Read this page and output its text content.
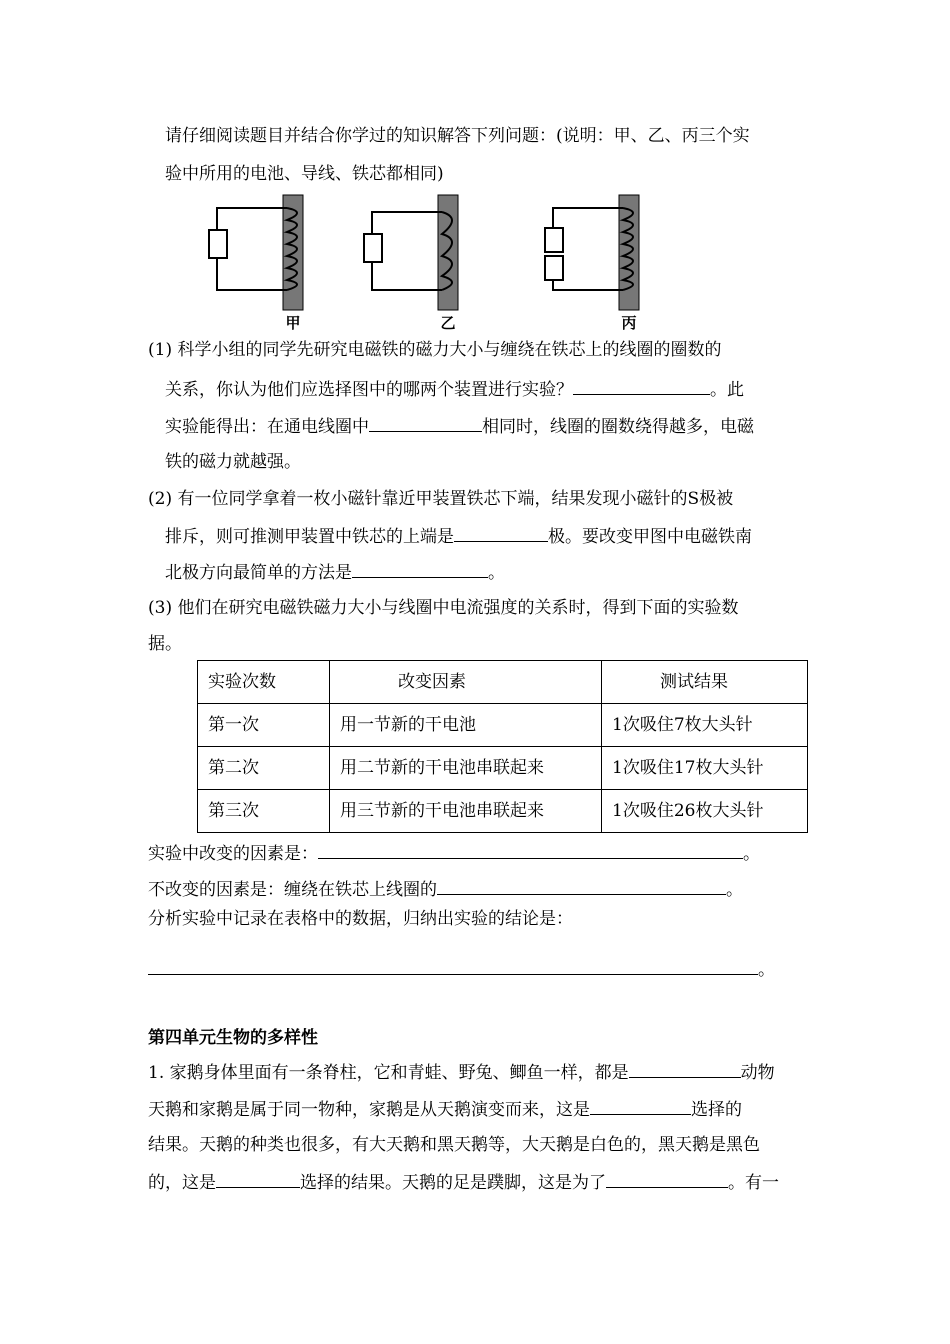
请仔细阅读题目并结合你学过的知识解答下列问题：(说明：甲、乙、丙三个实
验中所用的电池、导线、铁芯都相同)
甲	乙	丙
(1) 科学小组的同学先研究电磁铁的磁力大小与缠绕在铁芯上的线圈的圈数的
关系，你认为他们应选择图中的哪两个装置进行实验？	。此
实验能得出：在通电线圈中	相同时，线圈的圈数绕得越多，电磁
铁的磁力就越强。
(2) 有一位同学拿着一枚小磁针靠近甲装置铁芯下端，结果发现小磁针的S极被
排斥，则可推测甲装置中铁芯的上端是	极。要改变甲图中电磁铁南
北极方向最简单的方法是	。
(3) 他们在研究电磁铁磁力大小与线圈中电流强度的关系时，得到下面的实验数
据。
实验次数	改变因素	测试结果
第一次	用一节新的干电池	1次吸住7枚大头针
第二次	用二节新的干电池串联起来	1次吸住17枚大头针
第三次	用三节新的干电池串联起来	1次吸住26枚大头针
实验中改变的因素是：	。
不改变的因素是：缠绕在铁芯上线圈的	。
分析实验中记录在表格中的数据，归纳出实验的结论是：
。
第四单元生物的多样性
1. 家鹅身体里面有一条脊柱，它和青蛙、野兔、鲫鱼一样，都是	动物
天鹅和家鹅是属于同一物种，家鹅是从天鹅演变而来，这是	选择的
结果。天鹅的种类也很多，有大天鹅和黑天鹅等，大天鹅是白色的，黑天鹅是黑色
的，这是	选择的结果。天鹅的足是蹼脚，这是为了	。有一
